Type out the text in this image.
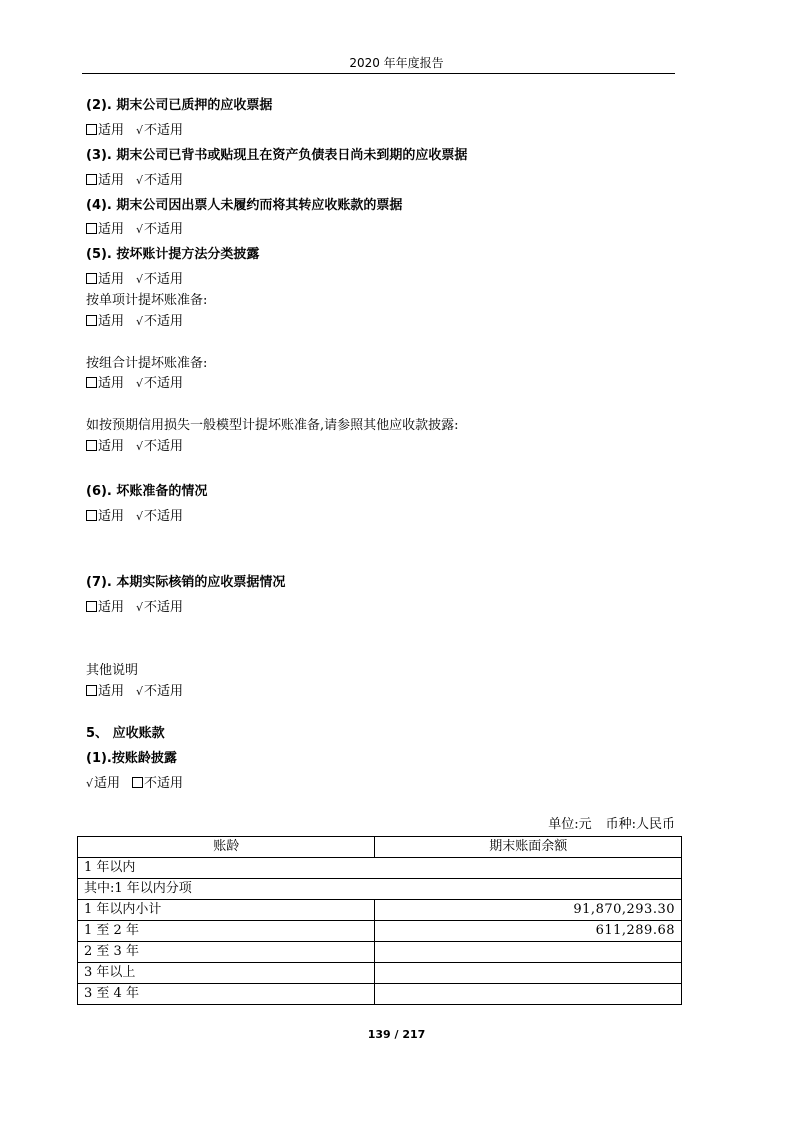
2020 年年度报告
(2). 期末公司已质押的应收票据
适用 √不适用
(3). 期末公司已背书或贴现且在资产负债表日尚未到期的应收票据
适用 √不适用
(4). 期末公司因出票人未履约而将其转应收账款的票据
适用 √不适用
(5). 按坏账计提方法分类披露
适用 √不适用
按单项计提坏账准备:
适用 √不适用
按组合计提坏账准备:
适用 √不适用
如按预期信用损失一般模型计提坏账准备,请参照其他应收款披露:
适用 √不适用
(6). 坏账准备的情况
适用 √不适用
(7). 本期实际核销的应收票据情况
适用 √不适用
其他说明
适用 √不适用
5、 应收账款
(1).按账龄披露
√适用 不适用
单位:元 币种:人民币
账龄	期末账面余额
1 年以内	
其中:1 年以内分项	
1 年以内小计	91,870,293.30
1 至 2 年	611,289.68
2 至 3 年	
3 年以上	
3 至 4 年	
139 / 217
